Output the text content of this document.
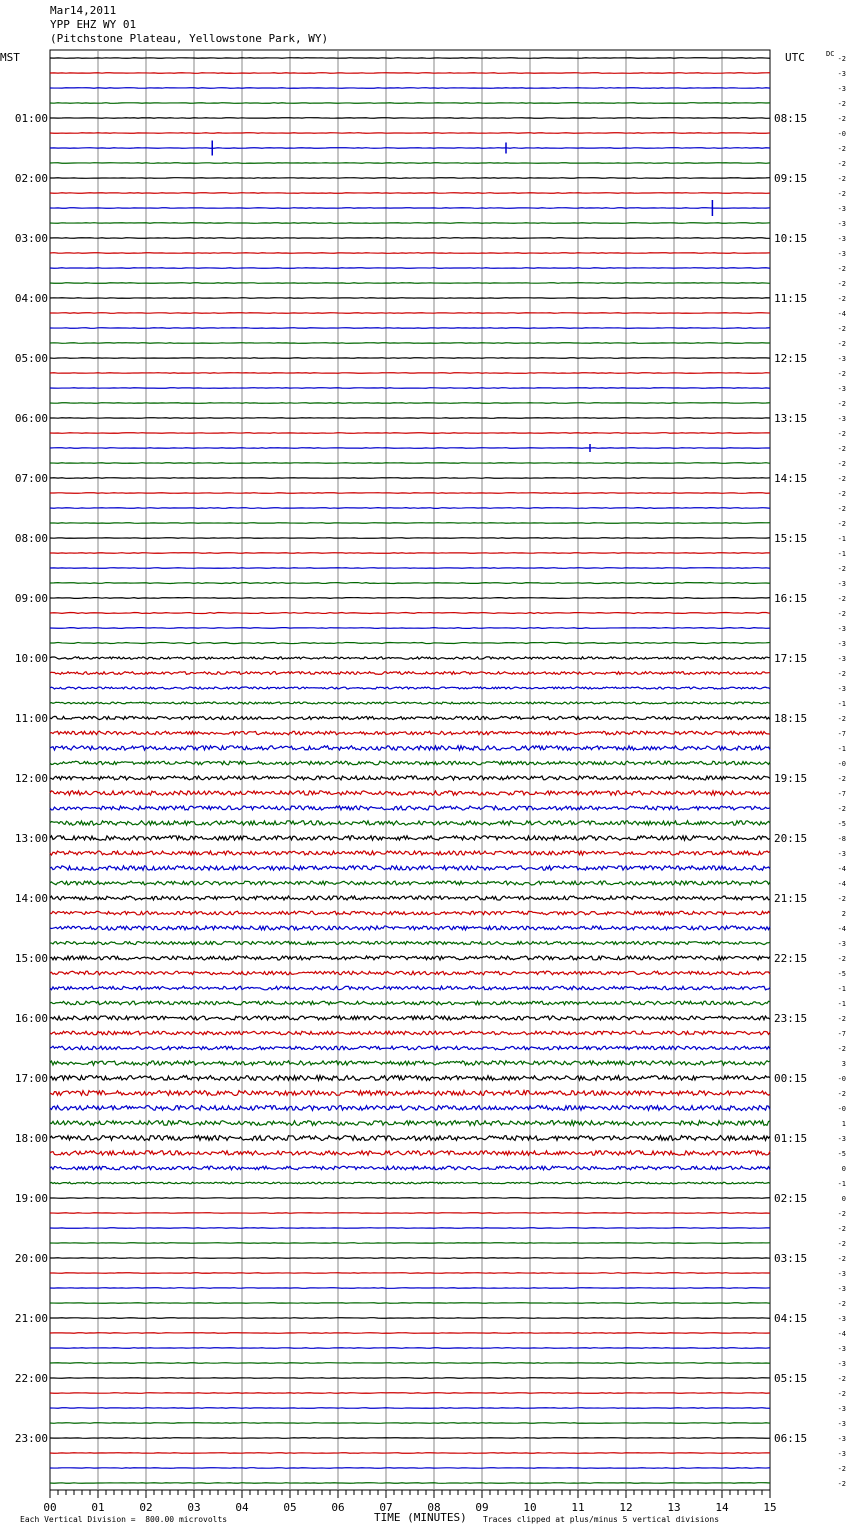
Mar14,2011
YPP EHZ WY 01
(Pitchstone Plateau, Yellowstone Park, WY)
MST	UTC	DC
01:00
02:00
03:00
04:00
05:00
06:00
07:00
08:00
09:00
10:00
11:00
12:00
13:00
14:00
15:00
16:00
17:00
18:00
19:00
20:00
21:00
22:00
23:00
08:15
09:15
10:15
11:15
12:15
13:15
14:15
15:15
16:15
17:15
18:15
19:15
20:15
21:15
22:15
23:15
00:15
01:15
02:15
03:15
04:15
05:15
06:15
-2
-3
-3
-2
-2
-0
-2
-2
-2
-2
-3
-3
-3
-3
-2
-2
-2
-4
-2
-2
-3
-2
-3
-2
-3
-2
-2
-2
-2
-2
-2
-2
-1
-1
-2
-3
-2
-2
-3
-3
-3
-2
-3
-1
-2
-7
-1
-0
-2
-7
-2
-5
-8
-3
-4
-4
-2
2
-4
-3
-2
-5
-1
-1
-2
-7
-2
3
-0
-2
-0
1
-3
-5
0
-1
0
-2
-2
-2
-2
-3
-3
-2
-3
-4
-3
-3
-2
-2
-3
-3
-3
-3
-2
-2
00	01	02	03	04	05	06	07	08	09	10	11	12	13	14	15
Each Vertical Division =  800.00 microvolts	TIME (MINUTES) Traces clipped at plus/minus 5 vertical divisions
